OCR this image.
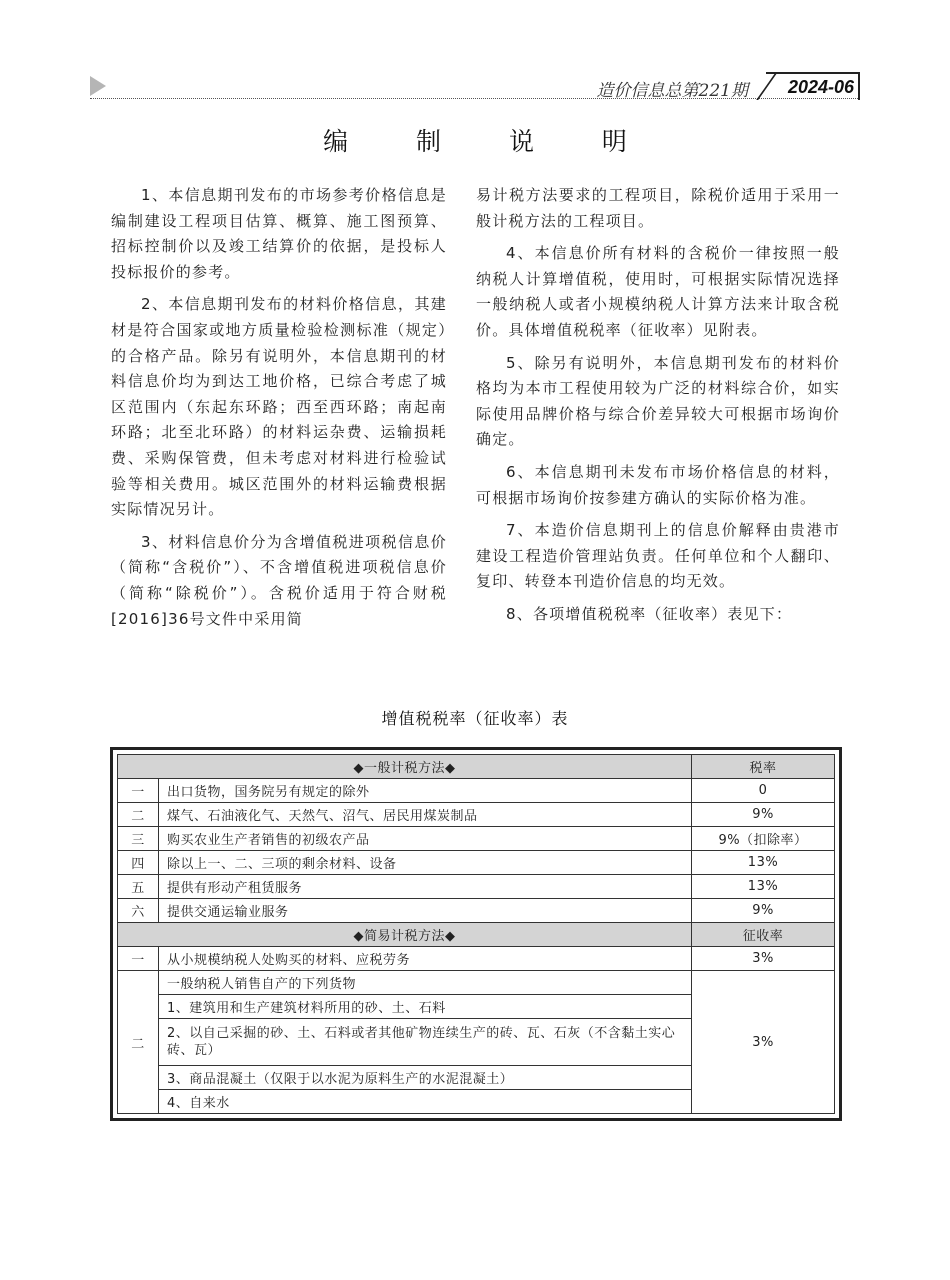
造价信息总第221期	2024-06
编 制 说 明

1、本信息期刊发布的市场参考价格信息是编制建设工程项目估算、概算、施工图预算、招标控制价以及竣工结算价的依据，是投标人投标报价的参考。

2、本信息期刊发布的材料价格信息，其建材是符合国家或地方质量检验检测标准（规定）的合格产品。除另有说明外，本信息期刊的材料信息价均为到达工地价格，已综合考虑了城区范围内（东起东环路；西至西环路；南起南环路；北至北环路）的材料运杂费、运输损耗费、采购保管费，但未考虑对材料进行检验试验等相关费用。城区范围外的材料运输费根据实际情况另计。

3、材料信息价分为含增值税进项税信息价（简称“含税价”）、不含增值税进项税信息价（简称“除税价”）。含税价适用于符合财税[2016]36号文件中采用简

易计税方法要求的工程项目，除税价适用于采用一般计税方法的工程项目。

4、本信息价所有材料的含税价一律按照一般纳税人计算增值税，使用时，可根据实际情况选择一般纳税人或者小规模纳税人计算方法来计取含税价。具体增值税税率（征收率）见附表。

5、除另有说明外，本信息期刊发布的材料价格均为本市工程使用较为广泛的材料综合价，如实际使用品牌价格与综合价差异较大可根据市场询价确定。

6、本信息期刊未发布市场价格信息的材料，可根据市场询价按参建方确认的实际价格为准。

7、本造价信息期刊上的信息价解释由贵港市建设工程造价管理站负责。任何单位和个人翻印、复印、转登本刊造价信息的均无效。

8、各项增值税税率（征收率）表见下：

增值税税率（征收率）表
◆一般计税方法◆		税率
一	出口货物，国务院另有规定的除外	0
二	煤气、石油液化气、天然气、沼气、居民用煤炭制品	9%
三	购买农业生产者销售的初级农产品	9%（扣除率）
四	除以上一、二、三项的剩余材料、设备	13%
五	提供有形动产租赁服务	13%
六	提供交通运输业服务	9%
◆简易计税方法◆		征收率
一	从小规模纳税人处购买的材料、应税劳务	3%
二	一般纳税人销售自产的下列货物	3%
	1、建筑用和生产建筑材料所用的砂、土、石料	
	2、以自己采掘的砂、土、石料或者其他矿物连续生产的砖、瓦、石灰（不含黏土实心砖、瓦）	
	3、商品混凝土（仅限于以水泥为原料生产的水泥混凝土）	
	4、自来水	
